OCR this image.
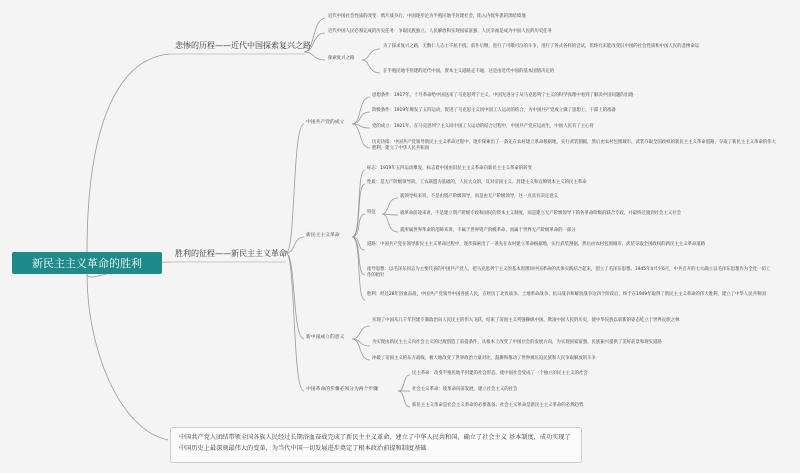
新民主主义革命的胜利
悲惨的历程——近代中国探索复兴之路
近代中国社会性质的改变：鸦片战争后，中国逐步沦为半殖民地半封建社会，陷入内忧外患的黑暗境地
近代中国人民必须完成的历史任务：争取民族独立、人民解放和实现国家富强、人民幸福是成为中国人民的历史任务
探索复兴之路
为了探求复兴之路，无数仁人志士不屈不挠、前仆后继，进行了可歌可泣的斗争，进行了各式各样的尝试，但终究未能改变旧中国的社会性质和中国人民的悲惨命运
在半殖民地半封建的近代中国，资本主义道路走不通，这是由近代中国的基本国情决定的
胜利的征程——新民主主义革命
中国共产党的成立
思想条件：1917年，十月革命给中国送来了马克思列宁主义，中国先进分子从马克思列宁主义的科学真理中看到了解决中国问题的出路
阶级条件：1919年爆发了五四运动，促进了马克思主义同中国工人运动的结合，为中国共产党成立做了思想上、干部上的准备
党的成立：1921年，在马克思列宁主义同中国工人运动的结合过程中，中国共产党应运而生，中国人民有了主心骨
历史功绩：中国共产党领导新民主主义革命过程中，逐步探索出了一条先在农村建立革命根据地，实行武装割据，然后由农村包围城市、武装夺取全国政权的新民主主义革命道路，夺取了新民主主义革命的伟大胜利，建立了中华人民共和国
新民主主义革命
标志：1919年五四运动爆发，标志着中国由旧民主主义革命向新民主主义革命的转变
性质：是无产阶级领导的，工农联盟为基础的，人民大众的，反对帝国主义、封建主义和官僚资本主义的民主革命
特征
就领导权来说，不是由资产阶级领导，而是由无产阶级领导，这一点具有决定意义
就革命前途来讲，不是建立资产阶级专政和国民的资本主义制度，而是建立无产阶级领导下的各革命阶级的联合专政，并最终过渡到社会主义社会
就所属世界革命的范畴来讲，不属于世界资产阶级革命，而属于世界无产阶级革命的一部分
道路：中国共产党在领导新民主主义革命过程中，逐步探索出了一条先在农村建立革命根据地，实行武装割据，然后由农村包围城市、武装夺取全国政权的新民主主义革命道路
指导思想：以毛泽东同志为主要代表的中国共产党人，把马克思列宁主义的基本原理同中国革命的具体实践结合起来，创立了毛泽东思想。1945年4月至6月，中共召开的七大确立以毛泽东思想作为全党一切工作的指针
胜利：经过28年浴血奋战，中国共产党领导中国各族人民，在经历了北伐战争、土地革命战争、抗日战争和解放战争这四个阶段后，终于在1949年取得了新民主主义革命的伟大胜利，建立了中华人民共和国
新中国成立的意义
实现了中国从几千年封建专制政治向人民民主的伟大飞跃，结束了帝国主义列强操纵中国、欺凌中国人民的历史，使中华民族以崭新的姿态屹立于世界民族之林
为实现由新民主主义向社会主义的过渡创造了前提条件，从根本上改变了中国社会的发展方向，为实现国家富强、民族振兴提供了美好前景和现实道路
冲破了帝国主义的东方战线，极大地改变了世界政治力量对比，鼓舞和推动了世界被压迫民族和人民争取解放的斗争
中国革命的步骤必须分为两个步骤
民主革命：改变半殖民地半封建的社会形态，使中国社会变成了一个独立的民主主义的社会
社会主义革命：使革命向前发展，建立社会主义的社会
新民主主义革命是社会主义革命的必要准备；社会主义革命是新民主主义革命的必然趋势
中国共产党人团结带领全国各族人民经过长期浴血奋战完成了新民主主义革命，建立了中华人民共和国，确立了社会主义 基本制度，成功实现了中国历史上最深刻最伟大的变革，为当代中国一切发展进步奠定了根本政治前提和制度基础
